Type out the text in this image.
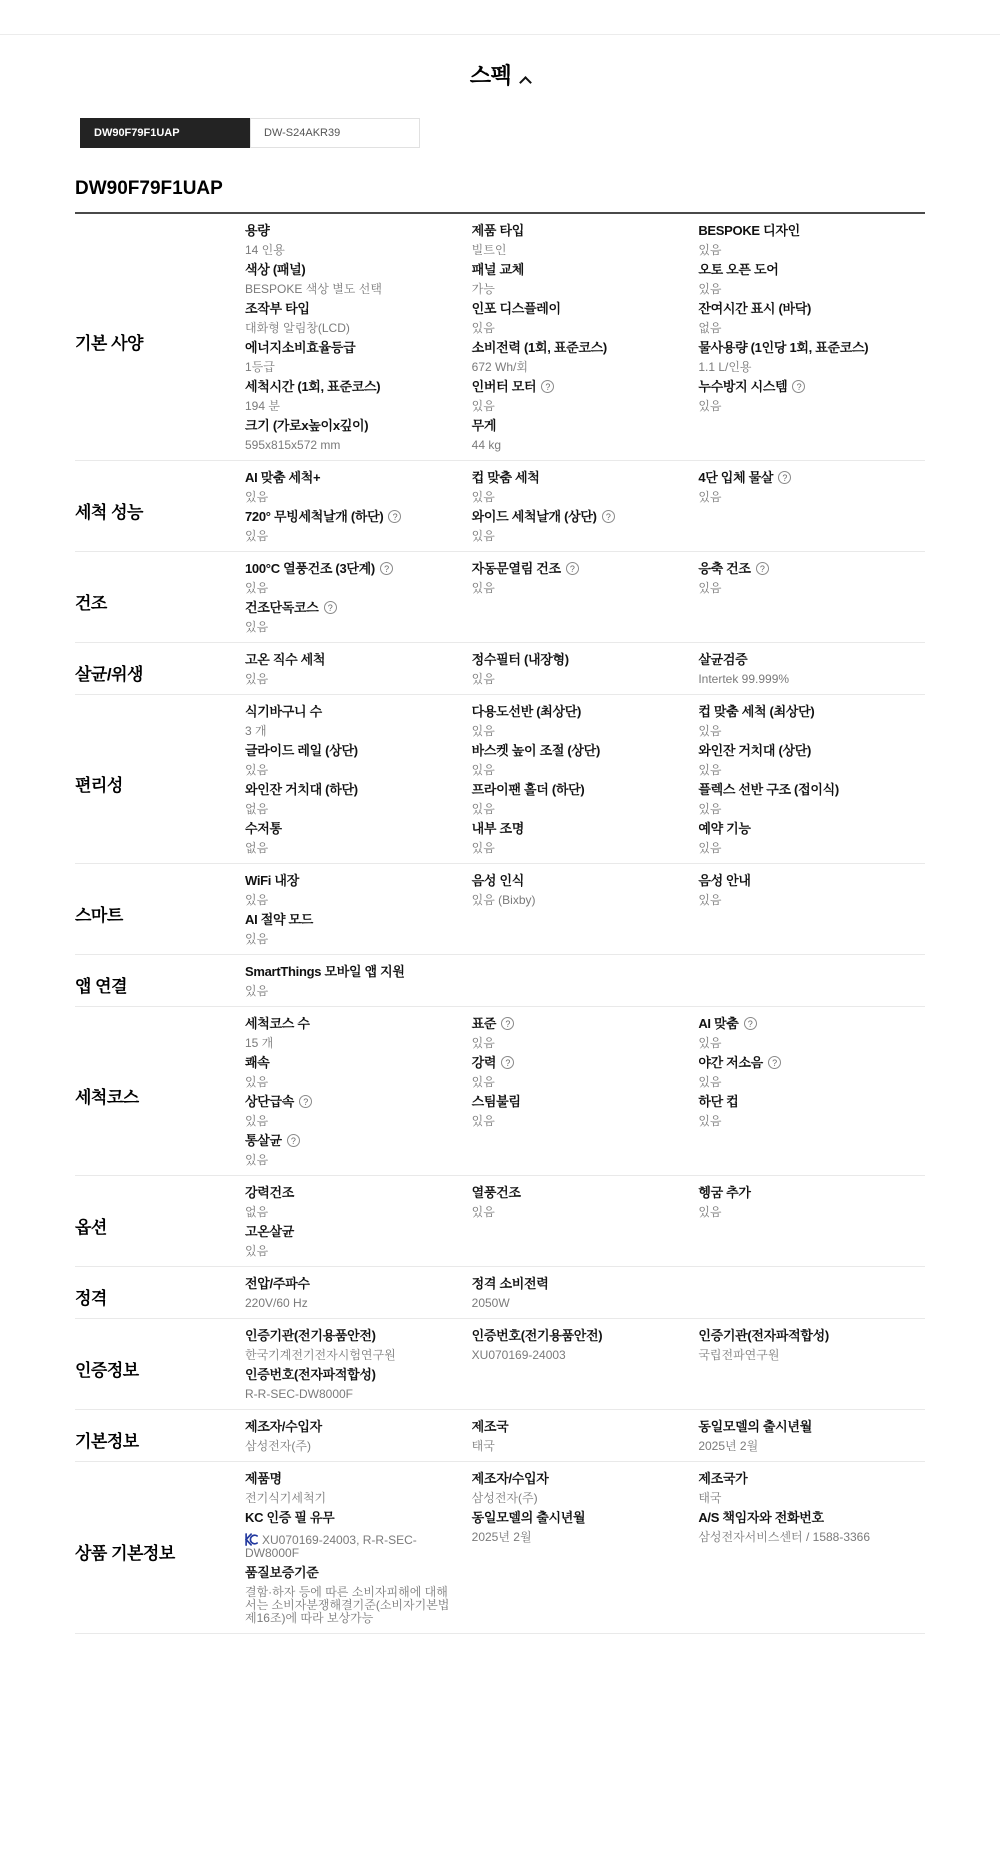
스펙
DW90F79F1UAP	DW-S24AKR39
DW90F79F1UAP
기본 사양
용량
14 인용
제품 타입
빌트인
BESPOKE 디자인
있음
색상 (패널)
BESPOKE 색상 별도 선택
패널 교체
가능
오토 오픈 도어
있음
조작부 타입
대화형 알림창(LCD)
인포 디스플레이
있음
잔여시간 표시 (바닥)
없음
에너지소비효율등급
1등급
소비전력 (1회, 표준코스)
672 Wh/회
물사용량 (1인당 1회, 표준코스)
1.1 L/인용
세척시간 (1회, 표준코스)
194 분
인버터 모터 ?
있음
누수방지 시스템 ?
있음
크기 (가로x높이x깊이)
595x815x572 mm
무게
44 kg
세척 성능
AI 맞춤 세척+
있음
컵 맞춤 세척
있음
4단 입체 물살 ?
있음
720° 무빙세척날개 (하단) ?
있음
와이드 세척날개 (상단) ?
있음
건조
100°C 열풍건조 (3단계) ?
있음
자동문열림 건조 ?
있음
응축 건조 ?
있음
건조단독코스 ?
있음
살균/위생
고온 직수 세척
있음
정수필터 (내장형)
있음
살균검증
Intertek 99.999%
편리성
식기바구니 수
3 개
다용도선반 (최상단)
있음
컵 맞춤 세척 (최상단)
있음
글라이드 레일 (상단)
있음
바스켓 높이 조절 (상단)
있음
와인잔 거치대 (상단)
있음
와인잔 거치대 (하단)
없음
프라이팬 홀더 (하단)
있음
플렉스 선반 구조 (접이식)
있음
수저통
없음
내부 조명
있음
예약 기능
있음
스마트
WiFi 내장
있음
음성 인식
있음 (Bixby)
음성 안내
있음
AI 절약 모드
있음
앱 연결
SmartThings 모바일 앱 지원
있음
세척코스
세척코스 수
15 개
표준 ?
있음
AI 맞춤 ?
있음
쾌속
있음
강력 ?
있음
야간 저소음 ?
있음
상단급속 ?
있음
스팀불림
있음
하단 컵
있음
통살균 ?
있음
옵션
강력건조
없음
열풍건조
있음
헹굼 추가
있음
고온살균
있음
정격
전압/주파수
220V/60 Hz
정격 소비전력
2050W
인증정보
인증기관(전기용품안전)
한국기계전기전자시험연구원
인증번호(전기용품안전)
XU070169-24003
인증기관(전자파적합성)
국립전파연구원
인증번호(전자파적합성)
R-R-SEC-DW8000F
기본정보
제조자/수입자
삼성전자(주)
제조국
태국
동일모델의 출시년월
2025년 2월
상품 기본정보
제품명
전기식기세척기
제조자/수입자
삼성전자(주)
제조국가
태국
KC 인증 필 유무
XU070169-24003, R-R-SEC-DW8000F
동일모델의 출시년월
2025년 2월
A/S 책임자와 전화번호
삼성전자서비스센터 / 1588-3366
품질보증기준
결함·하자 등에 따른 소비자피해에 대해서는 소비자분쟁해결기준(소비자기본법 제16조)에 따라 보상가능
